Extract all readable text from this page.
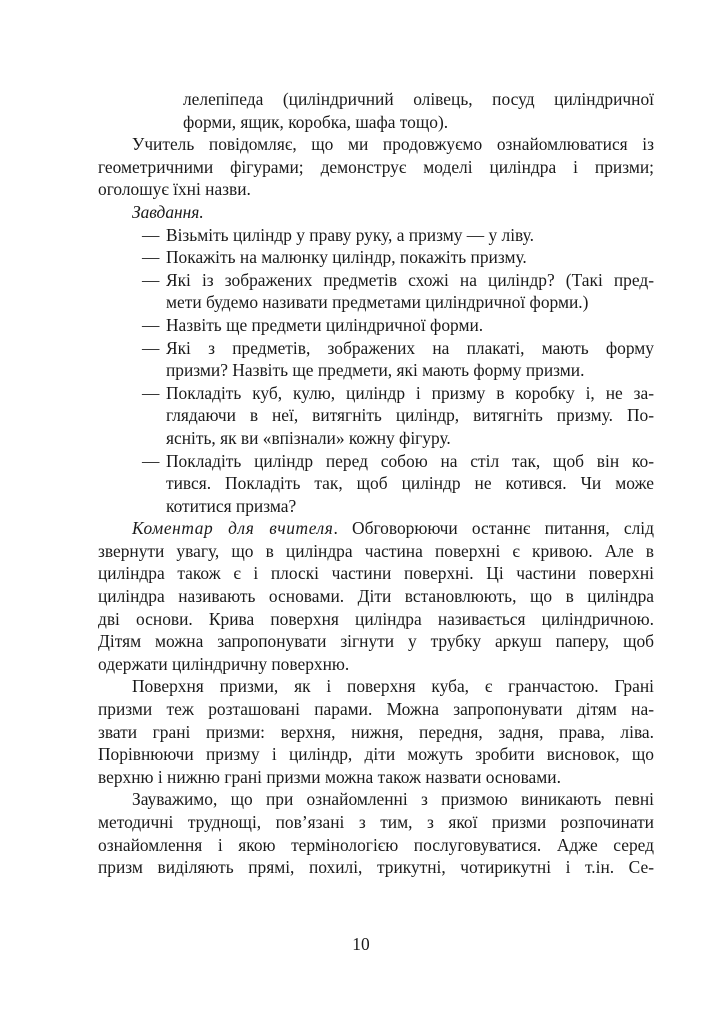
лелепіпеда (циліндричний олівець, посуд циліндричної
форми, ящик, коробка, шафа тощо).
Учитель повідомляє, що ми продовжуємо ознайомлюватися із
геометричними фігурами; демонструє моделі циліндра і призми;
оголошує їхні назви.
Завдання.
— Візьміть циліндр у праву руку, а призму — у ліву.
— Покажіть на малюнку циліндр, покажіть призму.
— Які із зображених предметів схожі на циліндр? (Такі пред-
мети будемо називати предметами циліндричної форми.)
— Назвіть ще предмети циліндричної форми.
— Які з предметів, зображених на плакаті, мають форму
призми? Назвіть ще предмети, які мають форму призми.
— Покладіть куб, кулю, циліндр і призму в коробку і, не за-
глядаючи в неї, витягніть циліндр, витягніть призму. По-
ясніть, як ви «впізнали» кожну фігуру.
— Покладіть циліндр перед собою на стіл так, щоб він ко-
тився. Покладіть так, щоб циліндр не котився. Чи може
котитися призма?
Коментар для вчителя. Обговорюючи останнє питання, слід
звернути увагу, що в циліндра частина поверхні є кривою. Але в
циліндра також є і плоскі частини поверхні. Ці частини поверхні
циліндра називають основами. Діти встановлюють, що в циліндра
дві основи. Крива поверхня циліндра називається циліндричною.
Дітям можна запропонувати зігнути у трубку аркуш паперу, щоб
одержати циліндричну поверхню.
Поверхня призми, як і поверхня куба, є гранчастою. Грані
призми теж розташовані парами. Можна запропонувати дітям на-
звати грані призми: верхня, нижня, передня, задня, права, ліва.
Порівнюючи призму і циліндр, діти можуть зробити висновок, що
верхню і нижню грані призми можна також назвати основами.
Зауважимо, що при ознайомленні з призмою виникають певні
методичні труднощі, пов’язані з тим, з якої призми розпочинати
ознайомлення і якою термінологією послуговуватися. Адже серед
призм виділяють прямі, похилі, трикутні, чотирикутні і т.ін. Се-
10
